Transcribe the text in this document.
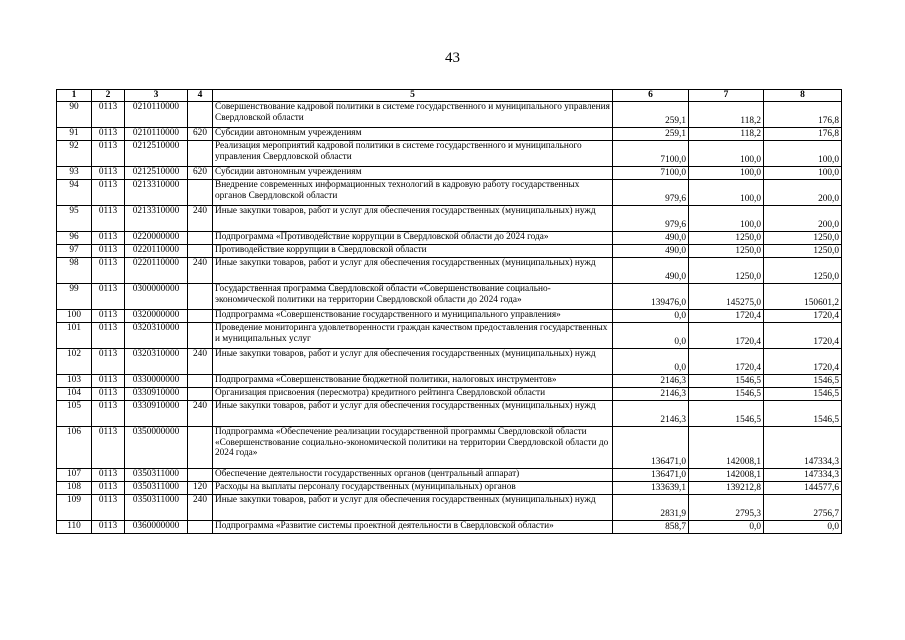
43
1	2	3	4	5	6	7	8
90	0113	0210110000		Совершенствование кадровой политики в системе государственного и муниципального управления Свердловской области	259,1	118,2	176,8
91	0113	0210110000	620	Субсидии автономным учреждениям	259,1	118,2	176,8
92	0113	0212510000		Реализация мероприятий кадровой политики в системе государственного и муниципального управления Свердловской области	7100,0	100,0	100,0
93	0113	0212510000	620	Субсидии автономным учреждениям	7100,0	100,0	100,0
94	0113	0213310000		Внедрение современных информационных технологий в кадровую работу государственных органов Свердловской области	979,6	100,0	200,0
95	0113	0213310000	240	Иные закупки товаров, работ и услуг для обеспечения государственных (муниципальных) нужд	979,6	100,0	200,0
96	0113	0220000000		Подпрограмма «Противодействие коррупции в Свердловской области до 2024 года»	490,0	1250,0	1250,0
97	0113	0220110000		Противодействие коррупции в Свердловской области	490,0	1250,0	1250,0
98	0113	0220110000	240	Иные закупки товаров, работ и услуг для обеспечения государственных (муниципальных) нужд	490,0	1250,0	1250,0
99	0113	0300000000		Государственная программа Свердловской области «Совершенствование социально-экономической политики на территории Свердловской области до 2024 года»	139476,0	145275,0	150601,2
100	0113	0320000000		Подпрограмма «Совершенствование государственного и муниципального управления»	0,0	1720,4	1720,4
101	0113	0320310000		Проведение мониторинга удовлетворенности граждан качеством предоставления государственных и муниципальных услуг	0,0	1720,4	1720,4
102	0113	0320310000	240	Иные закупки товаров, работ и услуг для обеспечения государственных (муниципальных) нужд	0,0	1720,4	1720,4
103	0113	0330000000		Подпрограмма «Совершенствование бюджетной политики, налоговых инструментов»	2146,3	1546,5	1546,5
104	0113	0330910000		Организация присвоения (пересмотра) кредитного рейтинга Свердловской области	2146,3	1546,5	1546,5
105	0113	0330910000	240	Иные закупки товаров, работ и услуг для обеспечения государственных (муниципальных) нужд	2146,3	1546,5	1546,5
106	0113	0350000000		Подпрограмма «Обеспечение реализации государственной программы Свердловской области «Совершенствование социально-экономической политики на территории Свердловской области до 2024 года»	136471,0	142008,1	147334,3
107	0113	0350311000		Обеспечение деятельности государственных органов (центральный аппарат)	136471,0	142008,1	147334,3
108	0113	0350311000	120	Расходы на выплаты персоналу государственных (муниципальных) органов	133639,1	139212,8	144577,6
109	0113	0350311000	240	Иные закупки товаров, работ и услуг для обеспечения государственных (муниципальных) нужд	2831,9	2795,3	2756,7
110	0113	0360000000		Подпрограмма «Развитие системы проектной деятельности в Свердловской области»	858,7	0,0	0,0
